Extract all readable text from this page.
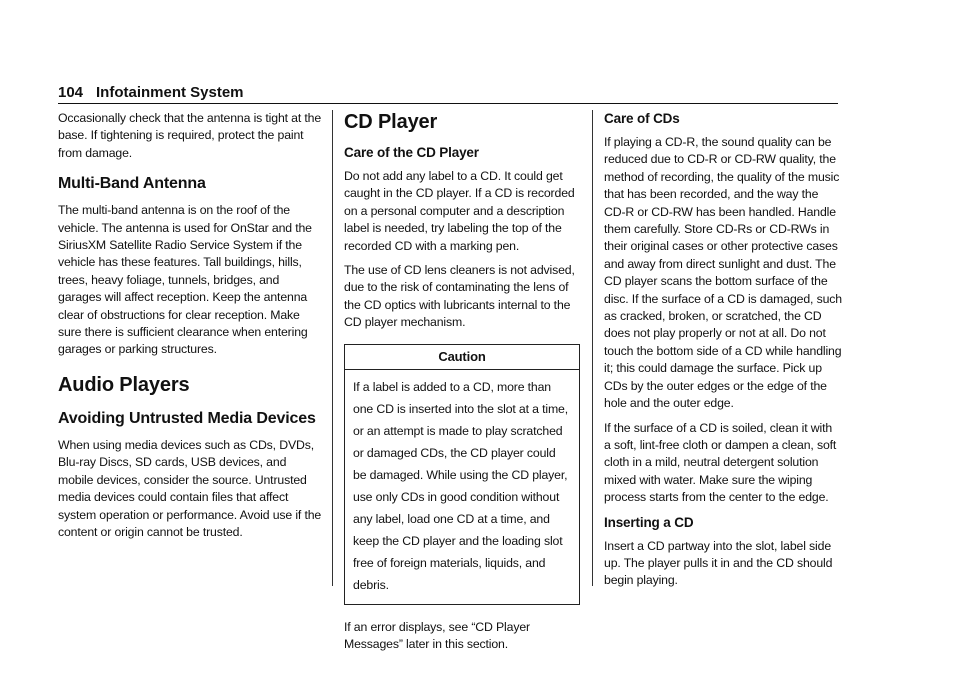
104 Infotainment System

Occasionally check that the antenna is tight at the base. If tightening is required, protect the paint from damage.

Multi-Band Antenna

The multi-band antenna is on the roof of the vehicle. The antenna is used for OnStar and the SiriusXM Satellite Radio Service System if the vehicle has these features. Tall buildings, hills, trees, heavy foliage, tunnels, bridges, and garages will affect reception. Keep the antenna clear of obstructions for clear reception. Make sure there is sufficient clearance when entering garages or parking structures.

Audio Players
Avoiding Untrusted Media Devices

When using media devices such as CDs, DVDs, Blu-ray Discs, SD cards, USB devices, and mobile devices, consider the source. Untrusted media devices could contain files that affect system operation or performance. Avoid use if the content or origin cannot be trusted.

CD Player
Care of the CD Player

Do not add any label to a CD. It could get caught in the CD player. If a CD is recorded on a personal computer and a description label is needed, try labeling the top of the recorded CD with a marking pen.

The use of CD lens cleaners is not advised, due to the risk of contaminating the lens of the CD optics with lubricants internal to the CD player mechanism.

Caution
If a label is added to a CD, more than one CD is inserted into the slot at a time, or an attempt is made to play scratched or damaged CDs, the CD player could be damaged. While using the CD player, use only CDs in good condition without any label, load one CD at a time, and keep the CD player and the loading slot free of foreign materials, liquids, and debris.

If an error displays, see “CD Player Messages” later in this section.

Care of CDs

If playing a CD-R, the sound quality can be reduced due to CD-R or CD-RW quality, the method of recording, the quality of the music that has been recorded, and the way the CD-R or CD-RW has been handled. Handle them carefully. Store CD-Rs or CD-RWs in their original cases or other protective cases and away from direct sunlight and dust. The CD player scans the bottom surface of the disc. If the surface of a CD is damaged, such as cracked, broken, or scratched, the CD does not play properly or not at all. Do not touch the bottom side of a CD while handling it; this could damage the surface. Pick up CDs by the outer edges or the edge of the hole and the outer edge.

If the surface of a CD is soiled, clean it with a soft, lint-free cloth or dampen a clean, soft cloth in a mild, neutral detergent solution mixed with water. Make sure the wiping process starts from the center to the edge.

Inserting a CD

Insert a CD partway into the slot, label side up. The player pulls it in and the CD should begin playing.
